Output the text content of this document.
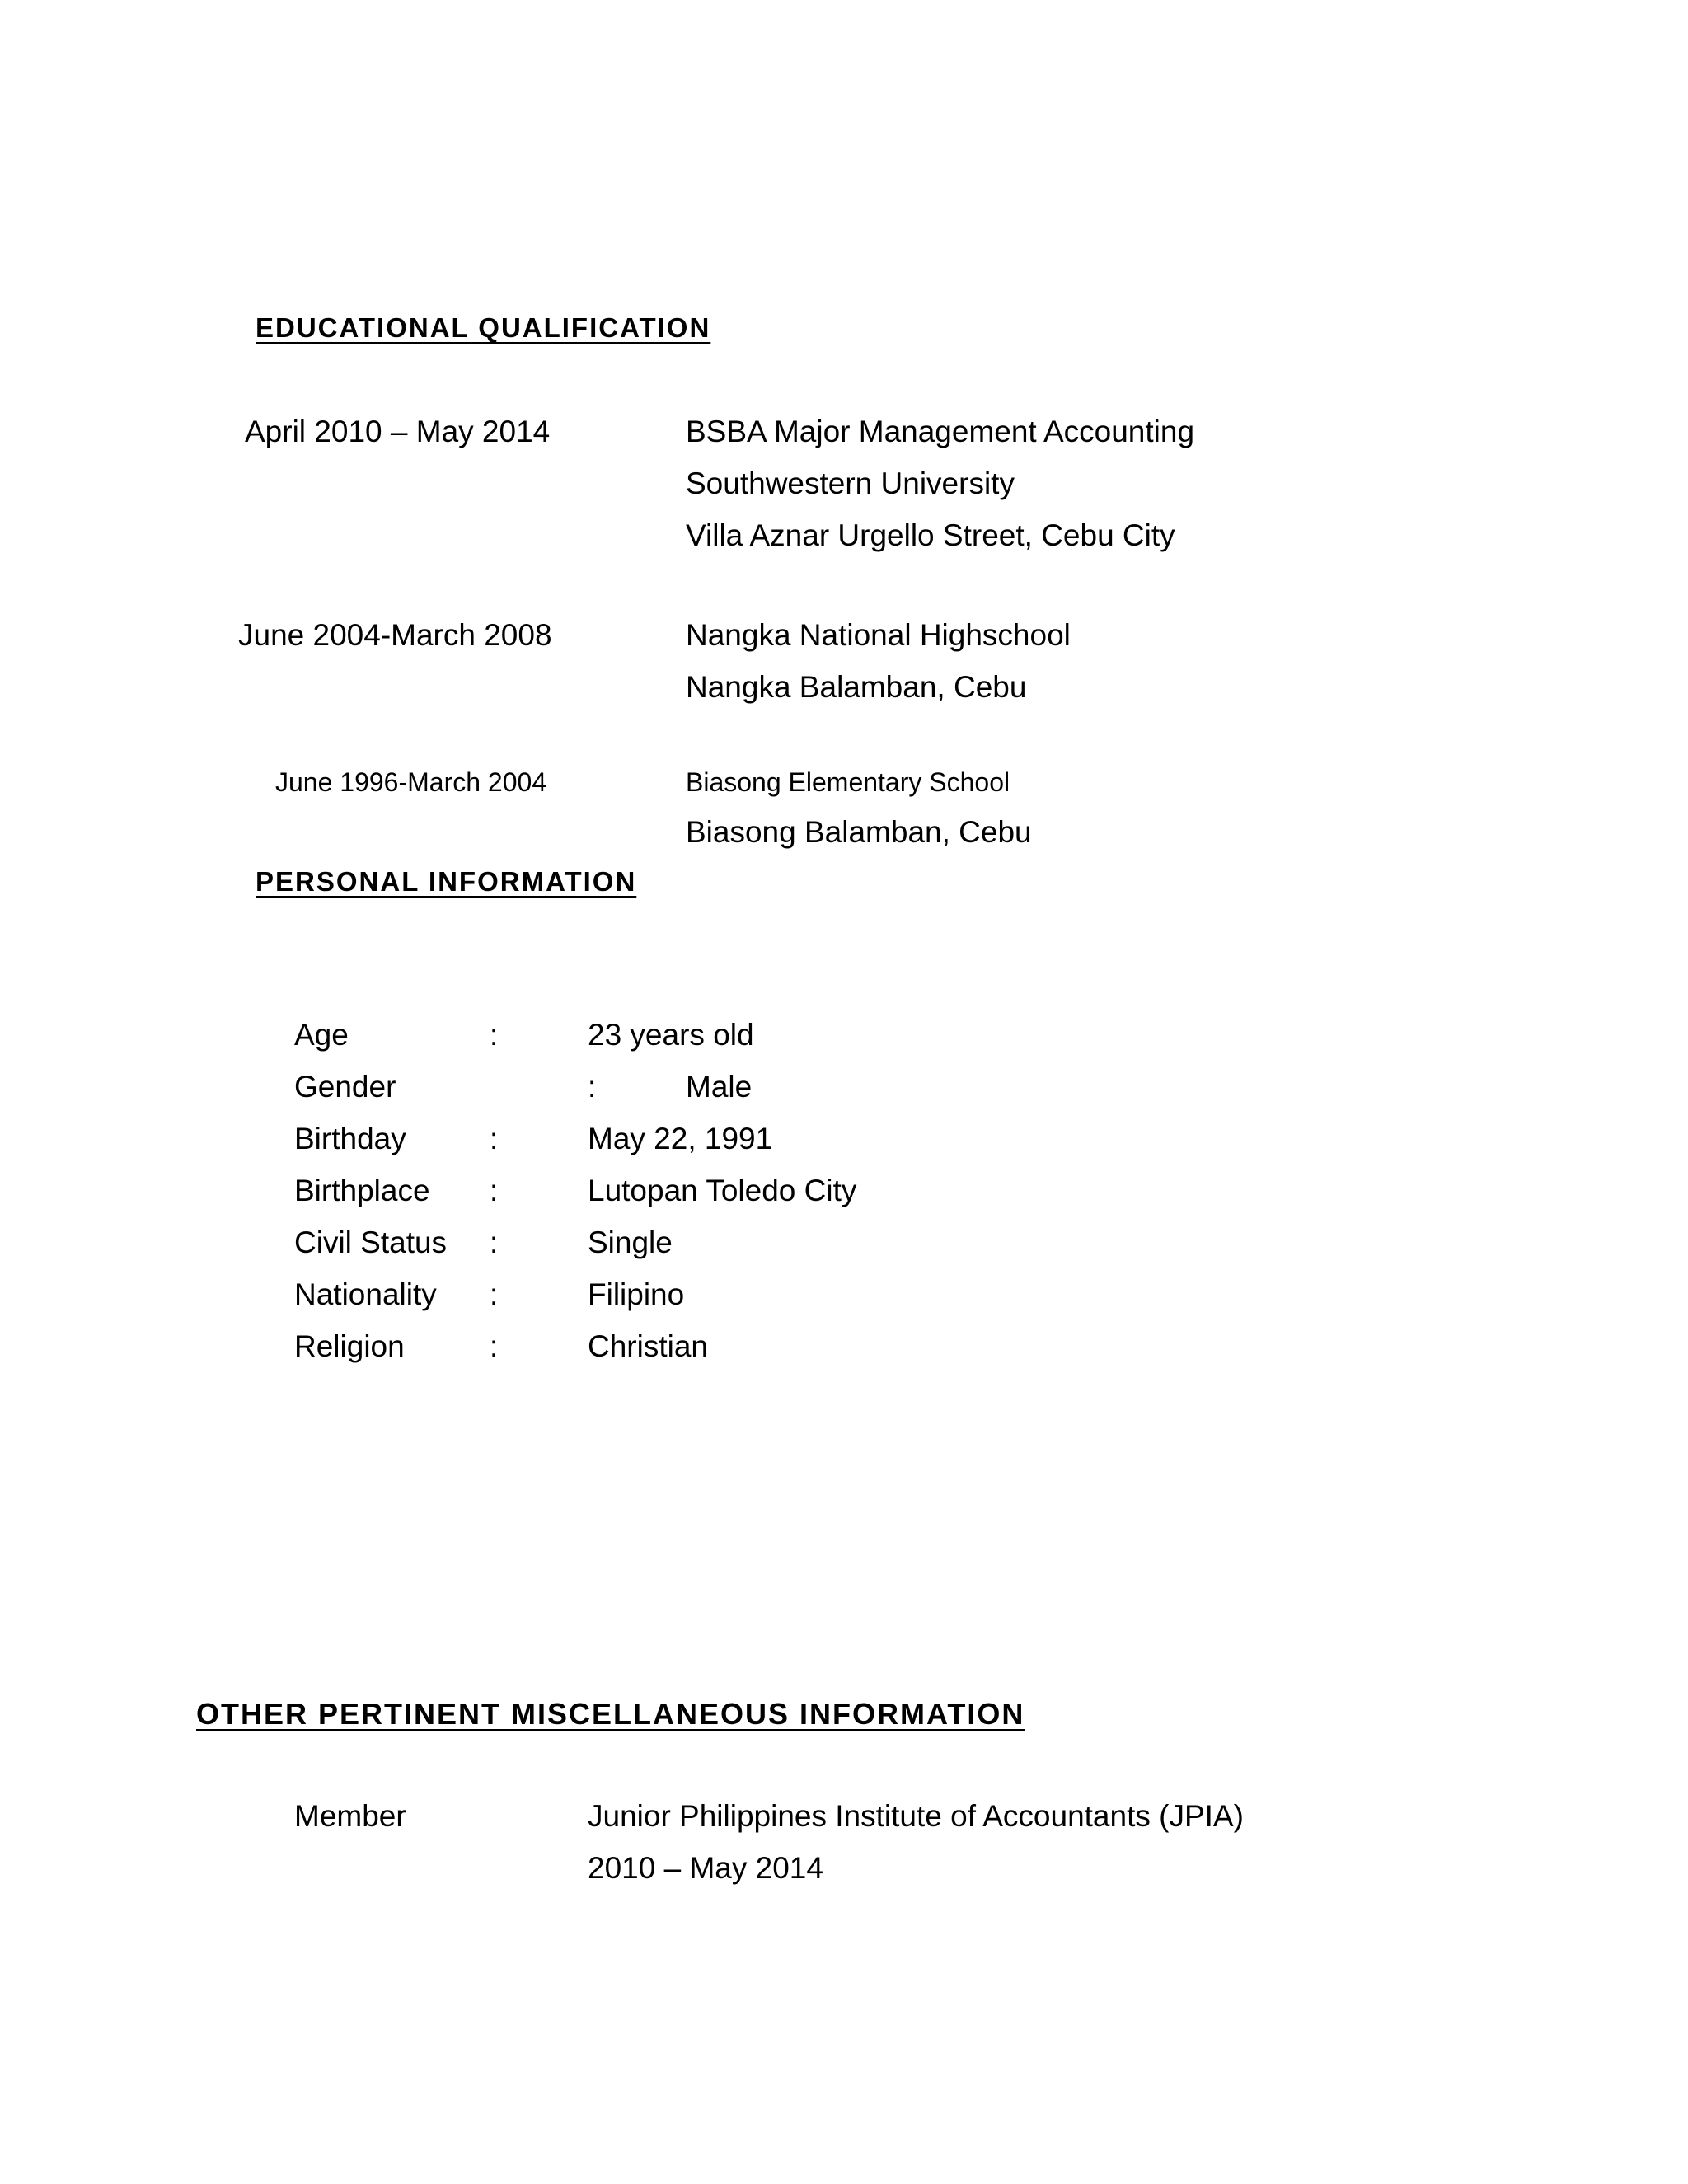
EDUCATIONAL QUALIFICATION
April 2010 – May 2014	BSBA Major Management Accounting
Southwestern University
Villa Aznar Urgello Street, Cebu City
June 2004-March 2008	Nangka National Highschool
Nangka Balamban, Cebu
June 1996-March 2004	Biasong Elementary School
Biasong Balamban, Cebu
PERSONAL INFORMATION
Age	:	23 years old
Gender	:	Male
Birthday	:	May 22, 1991
Birthplace :	Lutopan Toledo City
Civil Status :	Single
Nationality :	Filipino
Religion	:	Christian
OTHER PERTINENT MISCELLANEOUS INFORMATION
Member	Junior Philippines Institute of Accountants (JPIA)
2010 – May 2014
